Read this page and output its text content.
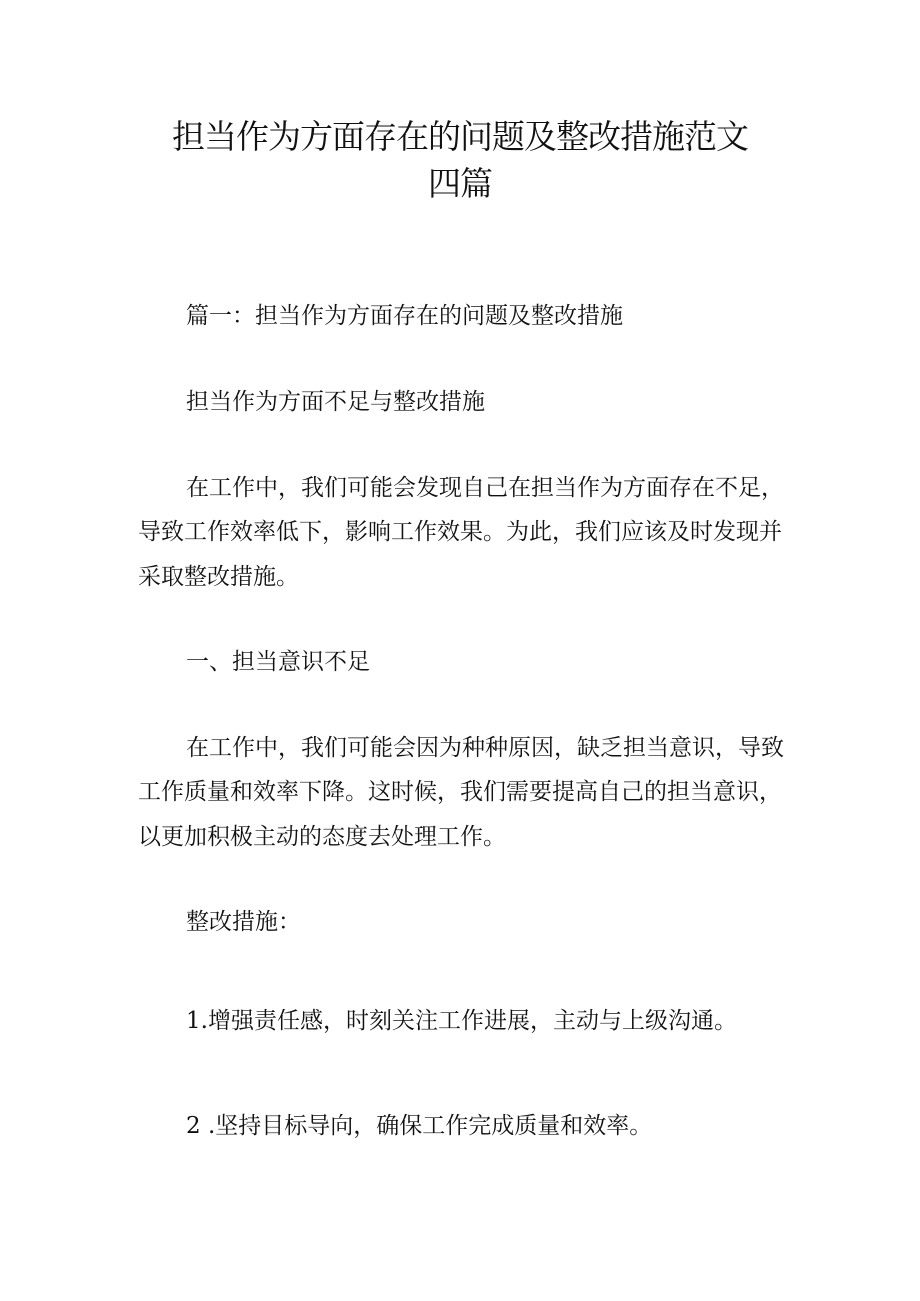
担当作为方面存在的问题及整改措施范文
四篇

篇一：担当作为方面存在的问题及整改措施

担当作为方面不足与整改措施

在工作中，我们可能会发现自己在担当作为方面存在不足，

导致工作效率低下，影响工作效果。为此，我们应该及时发现并

采取整改措施。

一、担当意识不足

在工作中，我们可能会因为种种原因，缺乏担当意识，导致

工作质量和效率下降。这时候，我们需要提高自己的担当意识，

以更加积极主动的态度去处理工作。

整改措施：

1.增强责任感，时刻关注工作进展，主动与上级沟通。

2 .坚持目标导向，确保工作完成质量和效率。
